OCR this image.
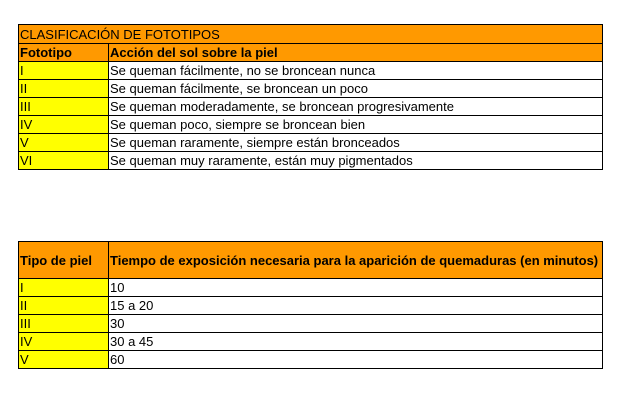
CLASIFICACIÓN DE FOTOTIPOS	
Fototipo	Acción del sol sobre la piel
I	Se queman fácilmente, no se broncean nunca
II	Se queman fácilmente, se broncean un poco
III	Se queman moderadamente, se broncean progresivamente
IV	Se queman poco, siempre se broncean bien
V	Se queman raramente, siempre están bronceados
VI	Se queman muy raramente, están muy pigmentados
Tipo de piel	Tiempo de exposición necesaria para la aparición de quemaduras (en minutos)
I	10
II	15 a 20
III	30
IV	30 a 45
V	60
